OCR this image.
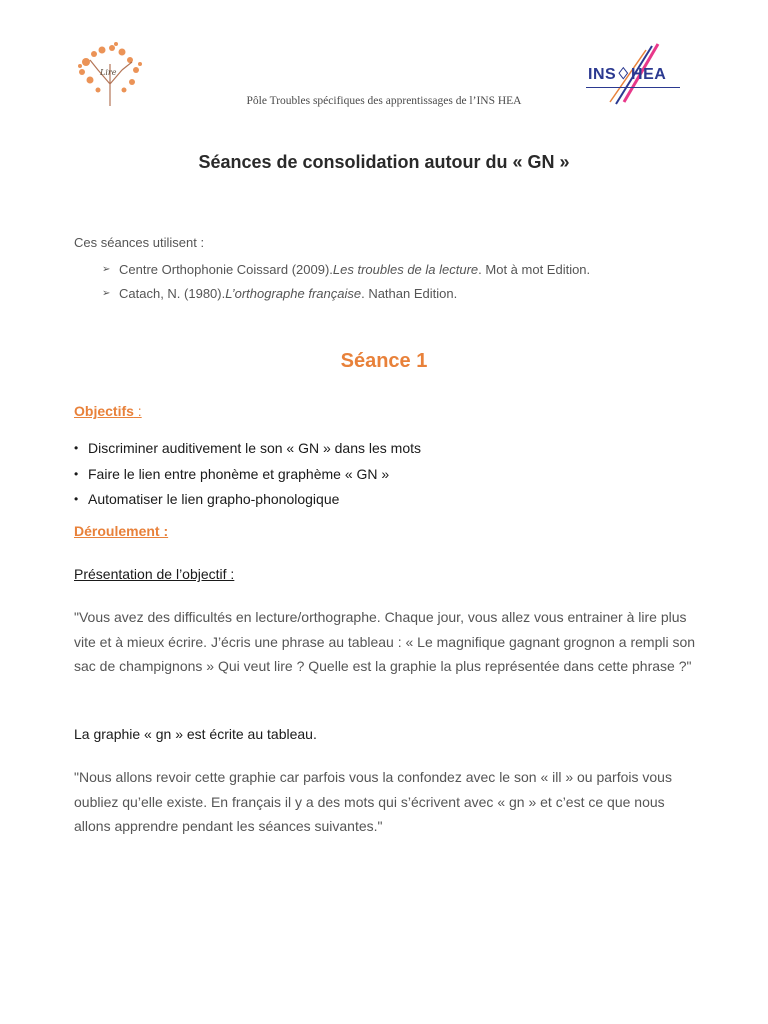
Lire	INS♢HEA
Pôle Troubles spécifiques des apprentissages de l’INS HEA
Séances de consolidation autour du « GN »
Ces séances utilisent :
➢ Centre Orthophonie Coissard (2009). Les troubles de la lecture . Mot à mot Edition.
➢ Catach, N. (1980). L’orthographe française . Nathan Edition.
Séance 1
Objectifs :
• Discriminer auditivement le son « GN » dans les mots
• Faire le lien entre phonème et graphème « GN »
• Automatiser le lien grapho-phonologique
Déroulement :
Présentation de l’objectif :
"Vous avez des difficultés en lecture/orthographe. Chaque jour, vous allez vous entrainer à lire plus vite et à mieux écrire. J’écris une phrase au tableau : « Le magnifique gagnant grognon a rempli son sac de champignons » Qui veut lire ? Quelle est la graphie la plus représentée dans cette phrase ?"
La graphie « gn » est écrite au tableau.
"Nous allons revoir cette graphie car parfois vous la confondez avec le son « ill » ou parfois vous oubliez qu’elle existe. En français il y a des mots qui s’écrivent avec « gn » et c’est ce que nous allons apprendre pendant les séances suivantes."
